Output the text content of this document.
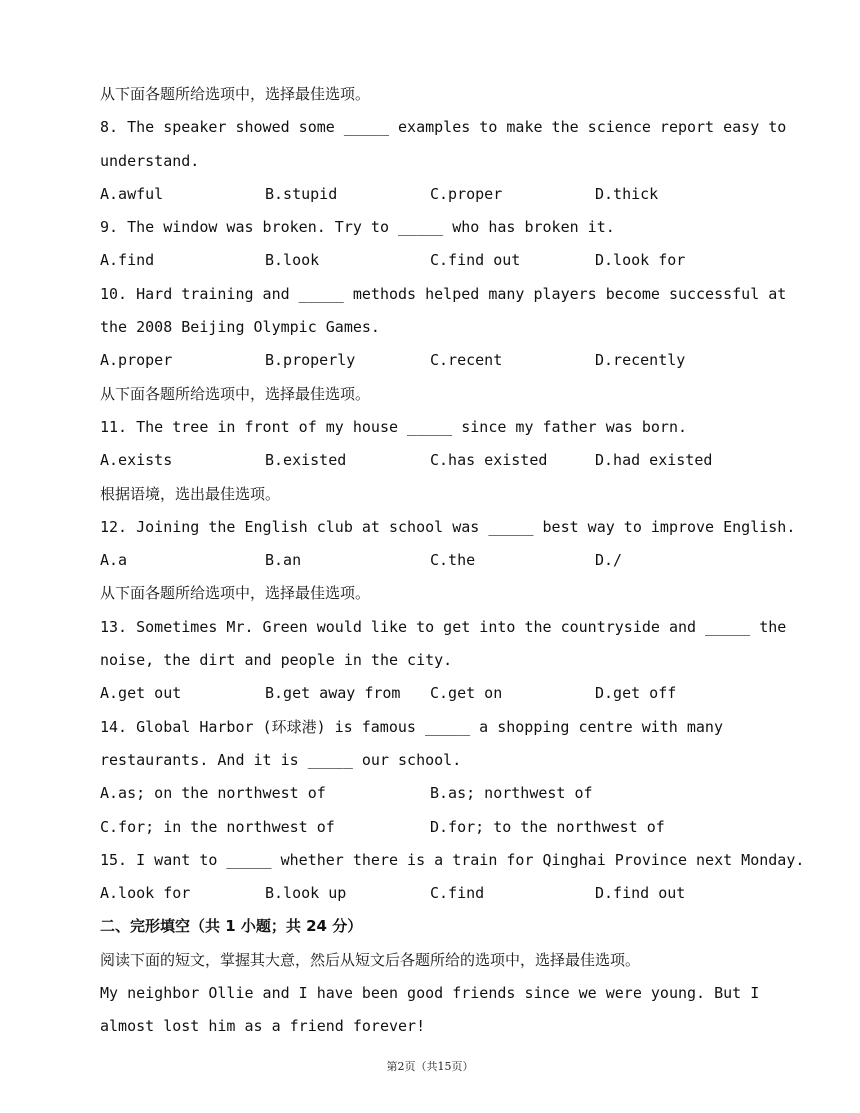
从下面各题所给选项中，选择最佳选项。
8. The speaker showed some _____ examples to make the science report easy to
understand.
A.awful	B.stupid	C.proper	D.thick
9. The window was broken. Try to _____ who has broken it.
A.find	B.look	C.find out	D.look for
10. Hard training and _____ methods helped many players become successful at
the 2008 Beijing Olympic Games.
A.proper	B.properly	C.recent	D.recently
从下面各题所给选项中，选择最佳选项。
11. The tree in front of my house _____ since my father was born.
A.exists	B.existed	C.has existed	D.had existed
根据语境，选出最佳选项。
12. Joining the English club at school was _____ best way to improve English.
A.a	B.an	C.the	D./
从下面各题所给选项中，选择最佳选项。
13. Sometimes Mr. Green would like to get into the countryside and _____ the
noise, the dirt and people in the city.
A.get out	B.get away from	C.get on	D.get off
14. Global Harbor (环球港) is famous _____ a shopping centre with many
restaurants. And it is _____ our school.
A.as; on the northwest of	B.as; northwest of
C.for; in the northwest of	D.for; to the northwest of
15. I want to _____ whether there is a train for Qinghai Province next Monday.
A.look for	B.look up	C.find	D.find out
二、完形填空（共 1 小题；共 24 分）
阅读下面的短文，掌握其大意，然后从短文后各题所给的选项中，选择最佳选项。
My neighbor Ollie and I have been good friends since we were young. But I
almost lost him as a friend forever!
第2页（共15页）
